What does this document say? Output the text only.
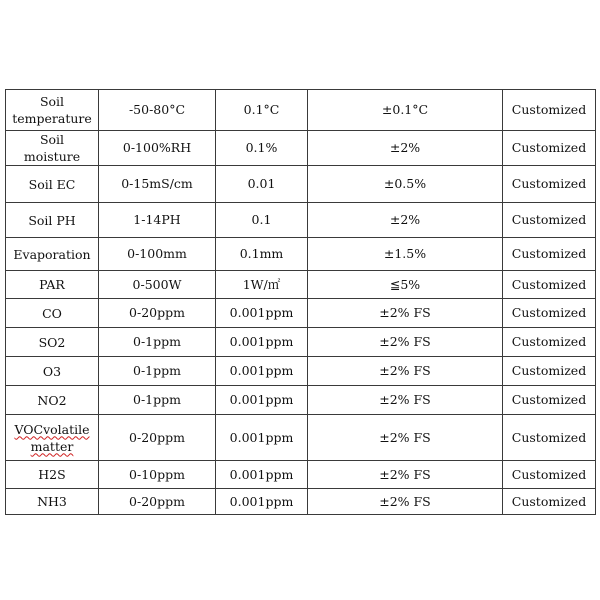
Soil temperature	-50-80°C	0.1°C	±0.1°C	Customized
Soil moisture	0-100%RH	0.1%	±2%	Customized
Soil EC	0-15mS/cm	0.01	±0.5%	Customized
Soil PH	1-14PH	0.1	±2%	Customized
Evaporation	0-100mm	0.1mm	±1.5%	Customized
PAR	0-500W	1W/㎡	≦5%	Customized
CO	0-20ppm	0.001ppm	±2% FS	Customized
SO2	0-1ppm	0.001ppm	±2% FS	Customized
O3	0-1ppm	0.001ppm	±2% FS	Customized
NO2	0-1ppm	0.001ppm	±2% FS	Customized
VOCvolatile matter	0-20ppm	0.001ppm	±2% FS	Customized
H2S	0-10ppm	0.001ppm	±2% FS	Customized
NH3	0-20ppm	0.001ppm	±2% FS	Customized
